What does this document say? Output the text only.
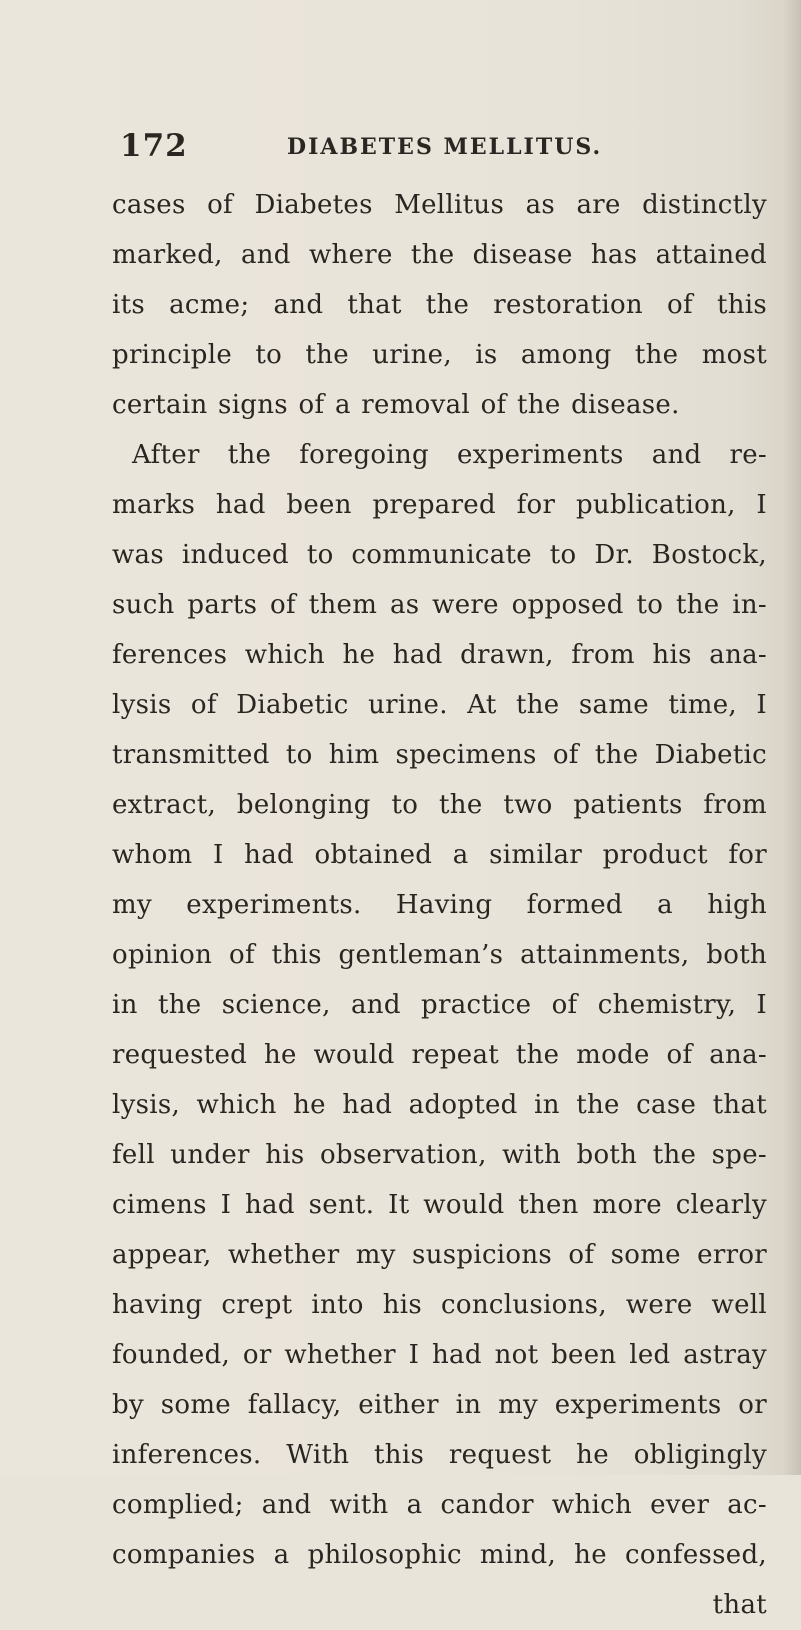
172	DIABETES MELLITUS.
cases of Diabetes Mellitus as are distinctly
marked, and where the disease has attained
its acme; and that the restoration of this
principle to the urine, is among the most
certain signs of a removal of the disease.
After the foregoing experiments and re-
marks had been prepared for publication, I
was induced to communicate to Dr. Bostock,
such parts of them as were opposed to the in-
ferences which he had drawn, from his ana-
lysis of Diabetic urine. At the same time, I
transmitted to him specimens of the Diabetic
extract, belonging to the two patients from
whom I had obtained a similar product for
my experiments. Having formed a high
opinion of this gentleman’s attainments, both
in the science, and practice of chemistry, I
requested he would repeat the mode of ana-
lysis, which he had adopted in the case that
fell under his observation, with both the spe-
cimens I had sent. It would then more clearly
appear, whether my suspicions of some error
having crept into his conclusions, were well
founded, or whether I had not been led astray
by some fallacy, either in my experiments or
inferences. With this request he obligingly
complied; and with a candor which ever ac-
companies a philosophic mind, he confessed,
that
